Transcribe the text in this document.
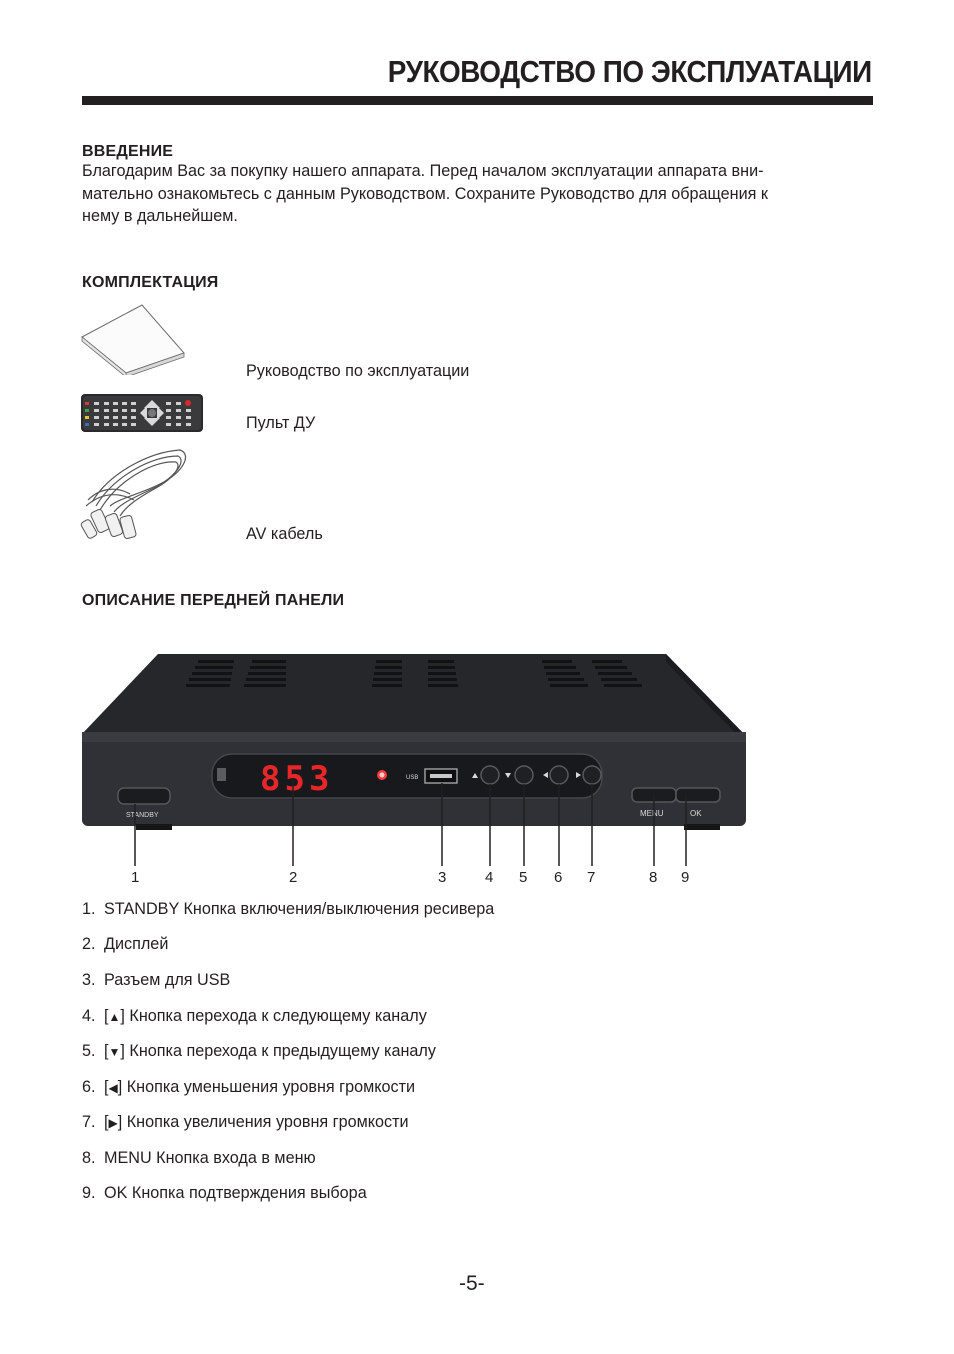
РУКОВОДСТВО ПО ЭКСПЛУАТАЦИИ
ВВЕДЕНИЕ
Благодарим Вас за покупку нашего аппарата. Перед началом эксплуатации аппарата вни-
мательно ознакомьтесь с данным Руководством. Сохраните Руководство для обращения к
нему в дальнейшем.
КОМПЛЕКТАЦИЯ
Руководство по эксплуатации
Пульт ДУ
AV кабель
ОПИСАНИЕ ПЕРЕДНЕЙ ПАНЕЛИ
853	USB
STANDBY	MENU	OK
1	2	3	4 5 6 7	8 9
1. STANDBY Кнопка включения/выключения ресивера
2. Дисплей
3. Разъем для USB
4. [▲] Кнопка перехода к следующему каналу
5. [▼] Кнопка перехода к предыдущему каналу
6. [◀] Кнопка уменьшения уровня громкости
7. [▶] Кнопка увеличения уровня громкости
8. MENU Кнопка входа в меню
9. OK Кнопка подтверждения выбора
-5-
